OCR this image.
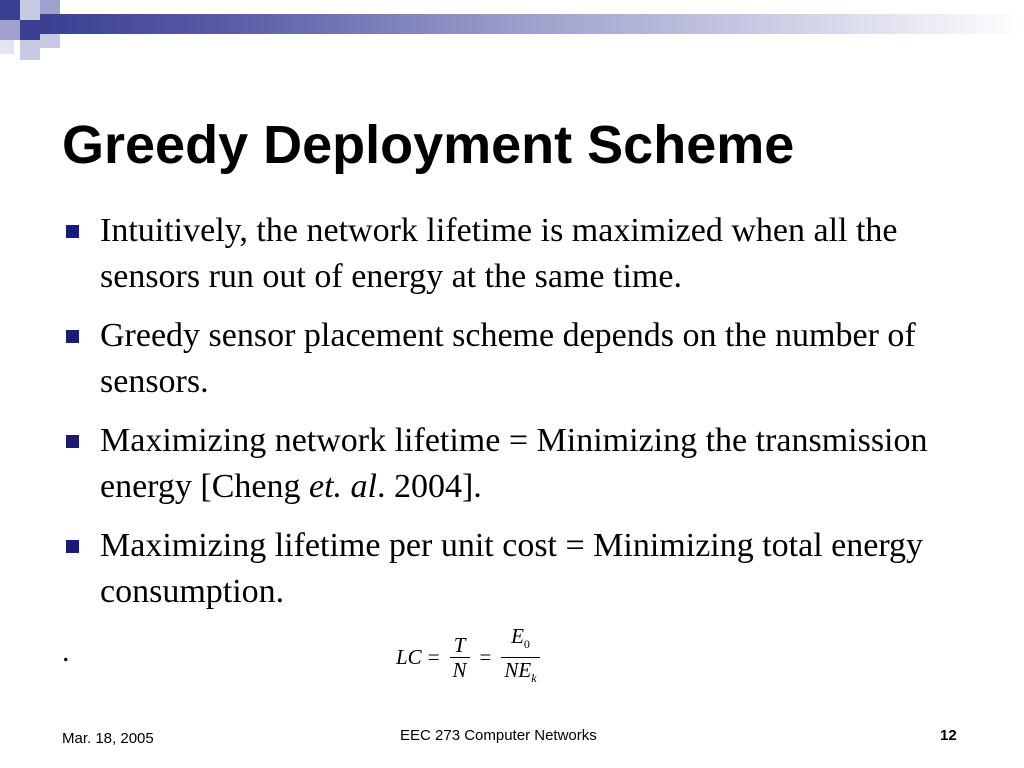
Greedy Deployment Scheme
Intuitively, the network lifetime is maximized when all the sensors run out of energy at the same time.
Greedy sensor placement scheme depends on the number of sensors.
Maximizing network lifetime = Minimizing the transmission energy [Cheng et. al. 2004].
Maximizing lifetime per unit cost = Minimizing total energy consumption.
.	LC = $\frac{T}{N} = \frac{E_0}{NE_k}$
Mar. 18, 2005	EEC 273 Computer Networks	12
